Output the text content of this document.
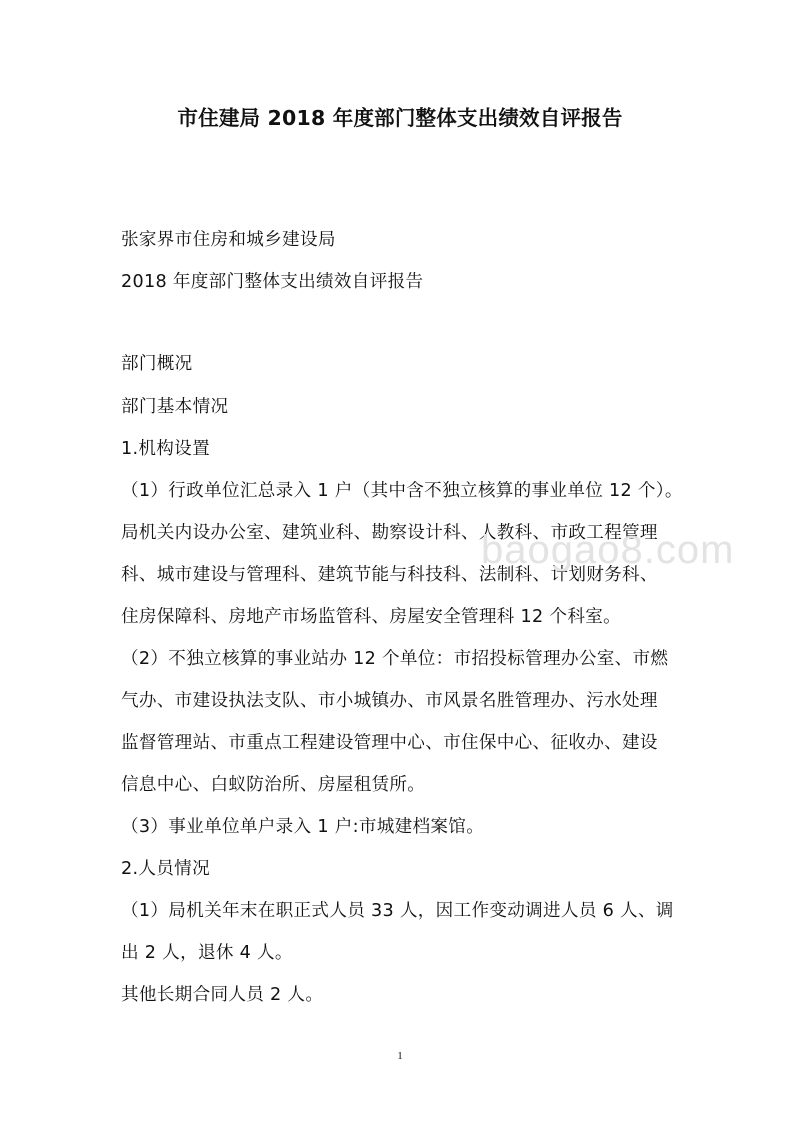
市住建局 2018 年度部门整体支出绩效自评报告
张家界市住房和城乡建设局
2018 年度部门整体支出绩效自评报告
部门概况
部门基本情况
1.机构设置
（1）行政单位汇总录入 1 户（其中含不独立核算的事业单位 12 个）。
局机关内设办公室、建筑业科、勘察设计科、人教科、市政工程管理
科、城市建设与管理科、建筑节能与科技科、法制科、计划财务科、
住房保障科、房地产市场监管科、房屋安全管理科 12 个科室。
（2）不独立核算的事业站办 12 个单位：市招投标管理办公室、市燃
气办、市建设执法支队、市小城镇办、市风景名胜管理办、污水处理
监督管理站、市重点工程建设管理中心、市住保中心、征收办、建设
信息中心、白蚁防治所、房屋租赁所。
（3）事业单位单户录入 1 户:市城建档案馆。
2.人员情况
（1）局机关年末在职正式人员 33 人，因工作变动调进人员 6 人、调
出 2 人，退休 4 人。
其他长期合同人员 2 人。
baogao8.com
1
